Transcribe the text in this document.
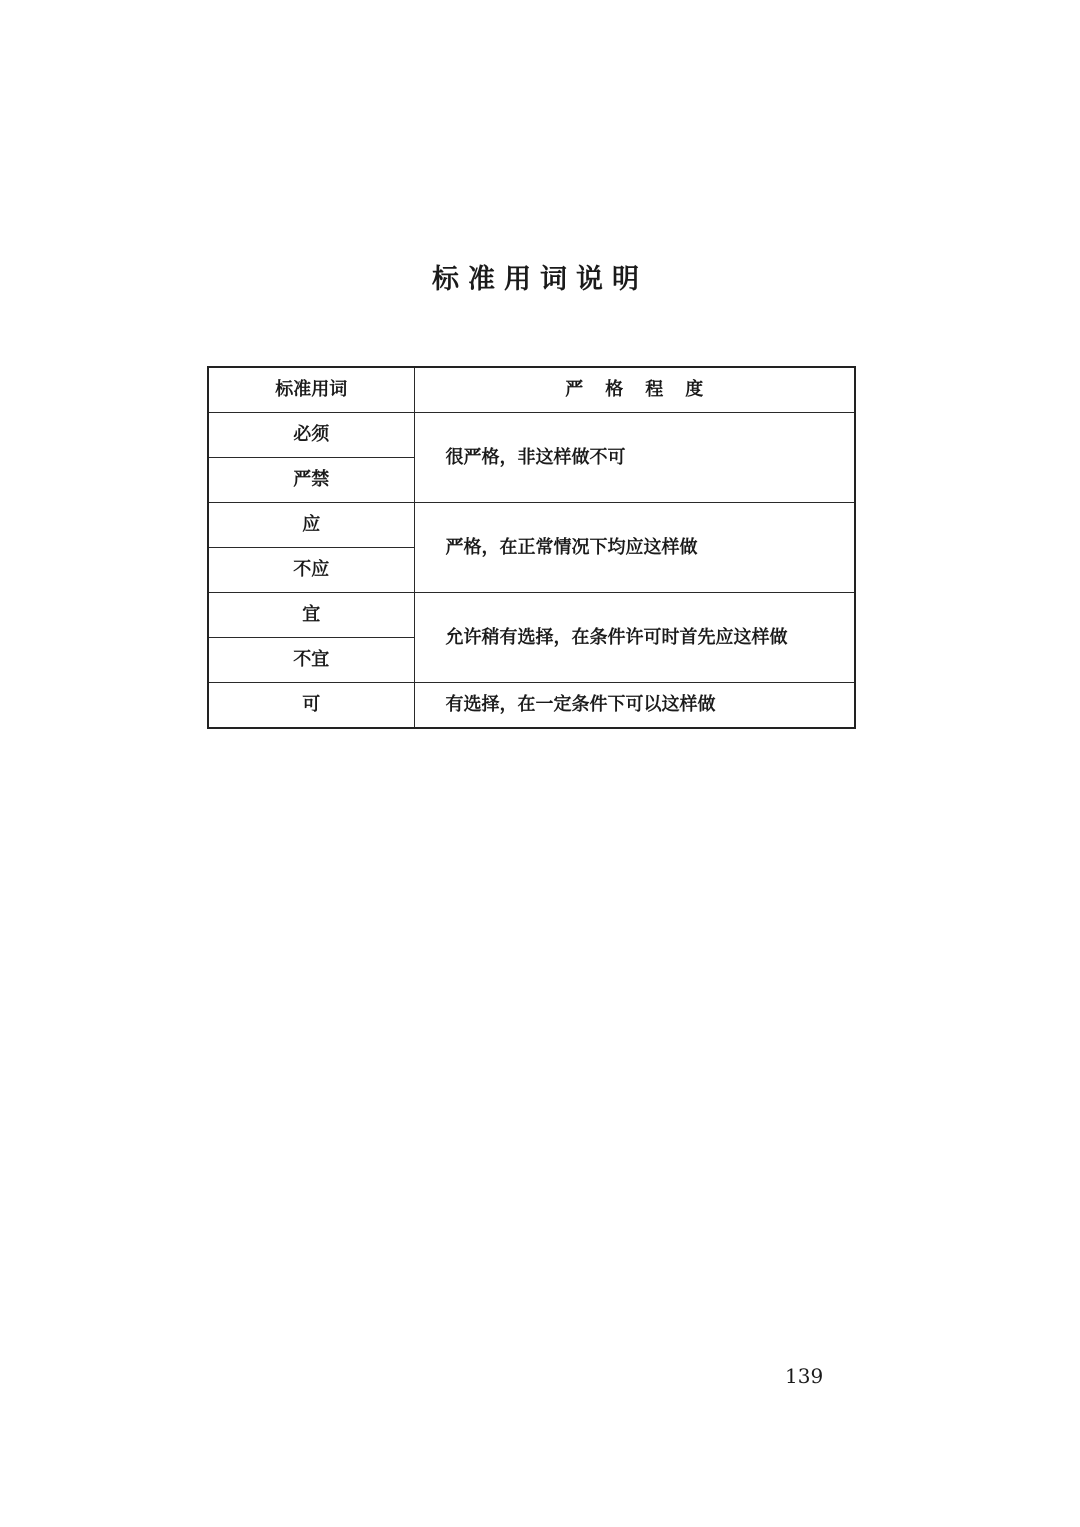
标准用词说明
标准用词	严格程度
必须	很严格，非这样做不可
严禁	
应	严格，在正常情况下均应这样做
不应	
宜	允许稍有选择，在条件许可时首先应这样做
不宜	
可	有选择，在一定条件下可以这样做
139
